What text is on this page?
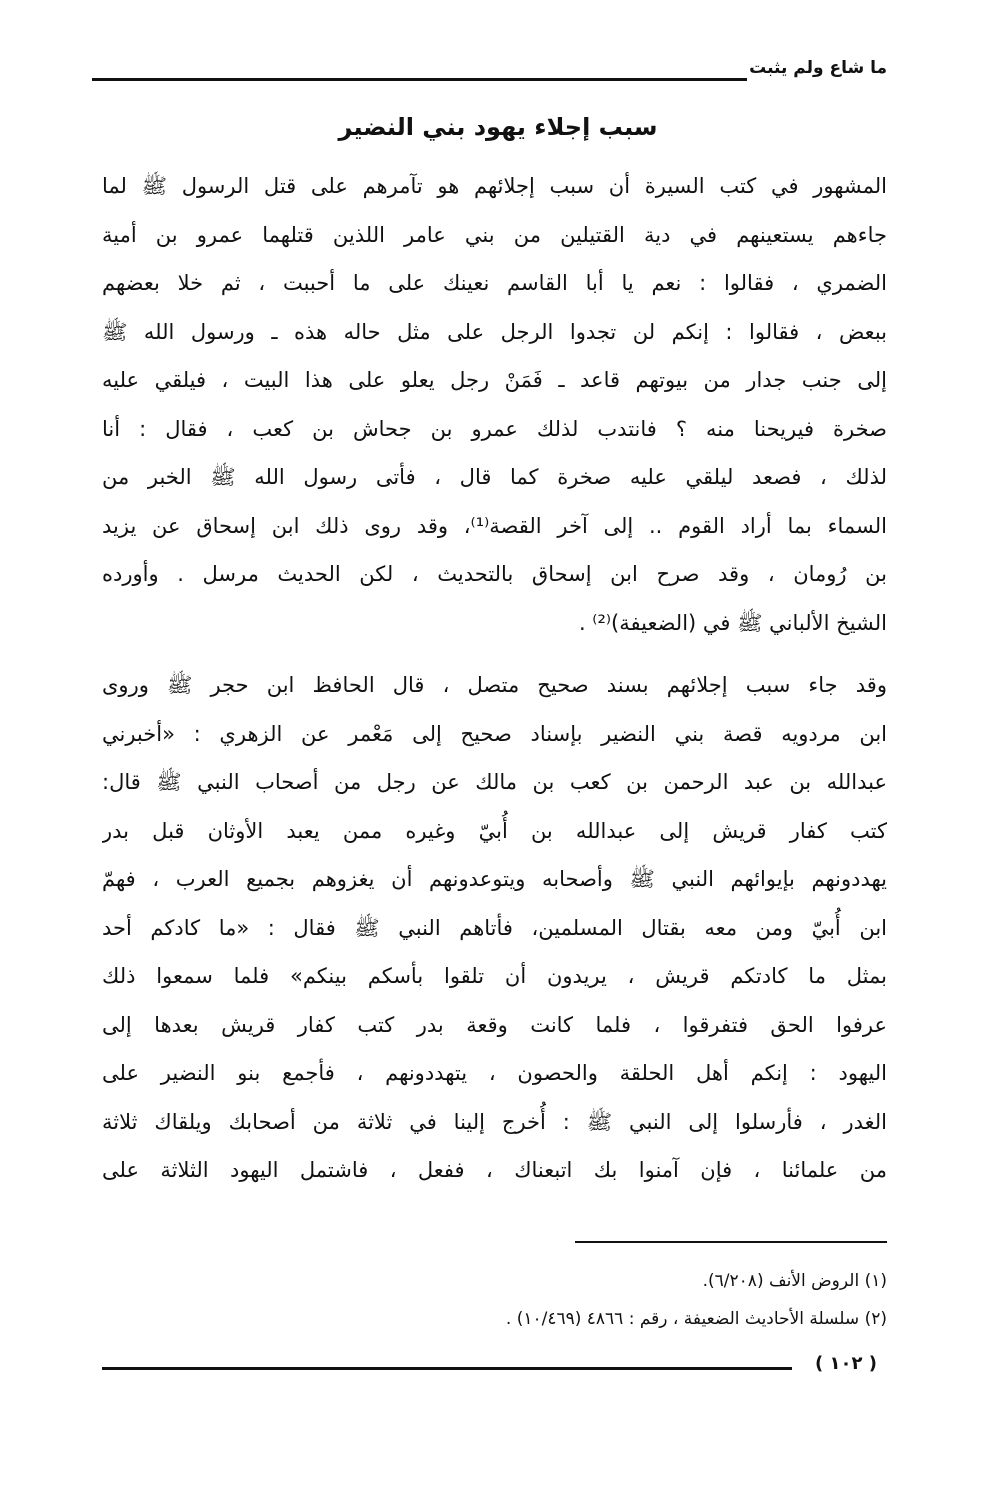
ما شاع ولم يثبت
سبب إجلاء يهود بني النضير
المشهور في كتب السيرة أن سبب إجلائهم هو تآمرهم على قتل الرسول ﷺ لما
جاءهم يستعينهم في دية القتيلين من بني عامر اللذين قتلهما عمرو بن أمية
الضمري ، فقالوا : نعم يا أبا القاسم نعينك على ما أحببت ، ثم خلا بعضهم
ببعض ، فقالوا : إنكم لن تجدوا الرجل على مثل حاله هذه ـ ورسول الله ﷺ
إلى جنب جدار من بيوتهم قاعد ـ فَمَنْ رجل يعلو على هذا البيت ، فيلقي عليه
صخرة فيريحنا منه ؟ فانتدب لذلك عمرو بن جحاش بن كعب ، فقال : أنا
لذلك ، فصعد ليلقي عليه صخرة كما قال ، فأتى رسول الله ﷺ الخبر من
السماء بما أراد القوم .. إلى آخر القصة⁽¹⁾، وقد روى ذلك ابن إسحاق عن يزيد
بن رُومان ، وقد صرح ابن إسحاق بالتحديث ، لكن الحديث مرسل . وأورده
الشيخ الألباني ﷺ في (الضعيفة)⁽²⁾ .
وقد جاء سبب إجلائهم بسند صحيح متصل ، قال الحافظ ابن حجر ﷺ وروى
ابن مردويه قصة بني النضير بإسناد صحيح إلى مَعْمر عن الزهري : «أخبرني
عبدالله بن عبد الرحمن بن كعب بن مالك عن رجل من أصحاب النبي ﷺ قال:
كتب كفار قريش إلى عبدالله بن أُبيّ وغيره ممن يعبد الأوثان قبل بدر
يهددونهم بإيوائهم النبي ﷺ وأصحابه ويتوعدونهم أن يغزوهم بجميع العرب ، فهمّ
ابن أُبيّ ومن معه بقتال المسلمين، فأتاهم النبي ﷺ فقال : «ما كادكم أحد
بمثل ما كادتكم قريش ، يريدون أن تلقوا بأسكم بينكم» فلما سمعوا ذلك
عرفوا الحق فتفرقوا ، فلما كانت وقعة بدر كتب كفار قريش بعدها إلى
اليهود : إنكم أهل الحلقة والحصون ، يتهددونهم ، فأجمع بنو النضير على
الغدر ، فأرسلوا إلى النبي ﷺ : أُخرج إلينا في ثلاثة من أصحابك ويلقاك ثلاثة
من علمائنا ، فإن آمنوا بك اتبعناك ، ففعل ، فاشتمل اليهود الثلاثة على
(١) الروض الأنف (٦/٢٠٨).
(٢) سلسلة الأحاديث الضعيفة ، رقم : ٤٨٦٦ (١٠/٤٦٩) .
( ١٠٢ )
